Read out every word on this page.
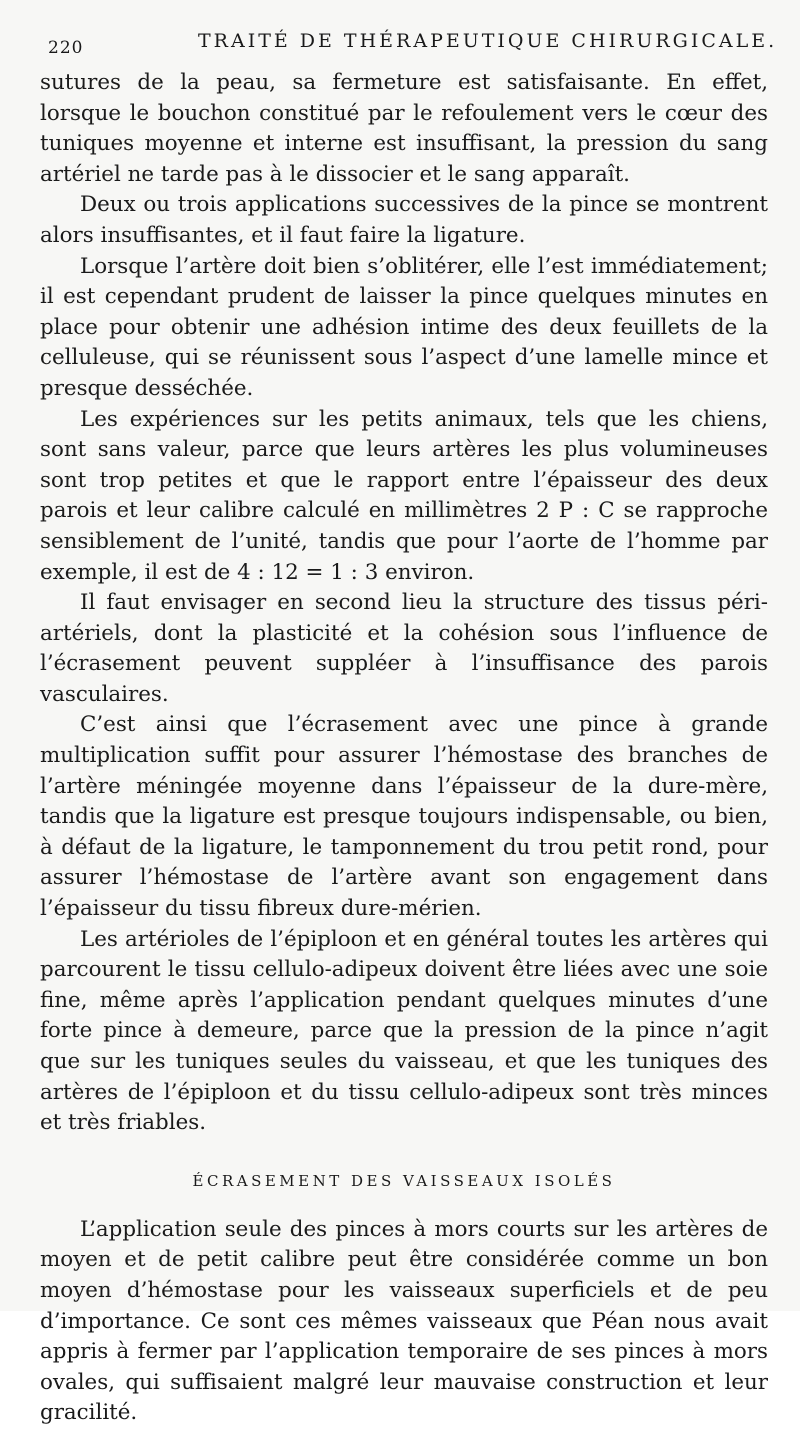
220	TRAITÉ DE THÉRAPEUTIQUE CHIRURGICALE.

sutures de la peau, sa fermeture est satisfaisante. En effet, lorsque le bouchon constitué par le refoulement vers le cœur des tuniques moyenne et interne est insuffisant, la pression du sang artériel ne tarde pas à le dissocier et le sang apparaît.

Deux ou trois applications successives de la pince se montrent alors insuffisantes, et il faut faire la ligature.

Lorsque l’artère doit bien s’oblitérer, elle l’est immédiatement; il est cependant prudent de laisser la pince quelques minutes en place pour obtenir une adhésion intime des deux feuillets de la celluleuse, qui se réunissent sous l’aspect d’une lamelle mince et presque desséchée.

Les expériences sur les petits animaux, tels que les chiens, sont sans valeur, parce que leurs artères les plus volumineuses sont trop petites et que le rapport entre l’épaisseur des deux parois et leur calibre calculé en millimètres 2 P : C se rapproche sensiblement de l’unité, tandis que pour l’aorte de l’homme par exemple, il est de 4 : 12 = 1 : 3 environ.

Il faut envisager en second lieu la structure des tissus péri-artériels, dont la plasticité et la cohésion sous l’influence de l’écrasement peuvent suppléer à l’insuffisance des parois vasculaires.

C’est ainsi que l’écrasement avec une pince à grande multiplication suffit pour assurer l’hémostase des branches de l’artère méningée moyenne dans l’épaisseur de la dure-mère, tandis que la ligature est presque toujours indispensable, ou bien, à défaut de la ligature, le tamponnement du trou petit rond, pour assurer l’hémostase de l’artère avant son engagement dans l’épaisseur du tissu fibreux dure-mérien.

Les artérioles de l’épiploon et en général toutes les artères qui parcourent le tissu cellulo-adipeux doivent être liées avec une soie fine, même après l’application pendant quelques minutes d’une forte pince à demeure, parce que la pression de la pince n’agit que sur les tuniques seules du vaisseau, et que les tuniques des artères de l’épiploon et du tissu cellulo-adipeux sont très minces et très friables.

ÉCRASEMENT DES VAISSEAUX ISOLÉS

L’application seule des pinces à mors courts sur les artères de moyen et de petit calibre peut être considérée comme un bon moyen d’hémostase pour les vaisseaux superficiels et de peu d’importance. Ce sont ces mêmes vaisseaux que Péan nous avait appris à fermer par l’application temporaire de ses pinces à mors ovales, qui suffisaient malgré leur mauvaise construction et leur gracilité.
